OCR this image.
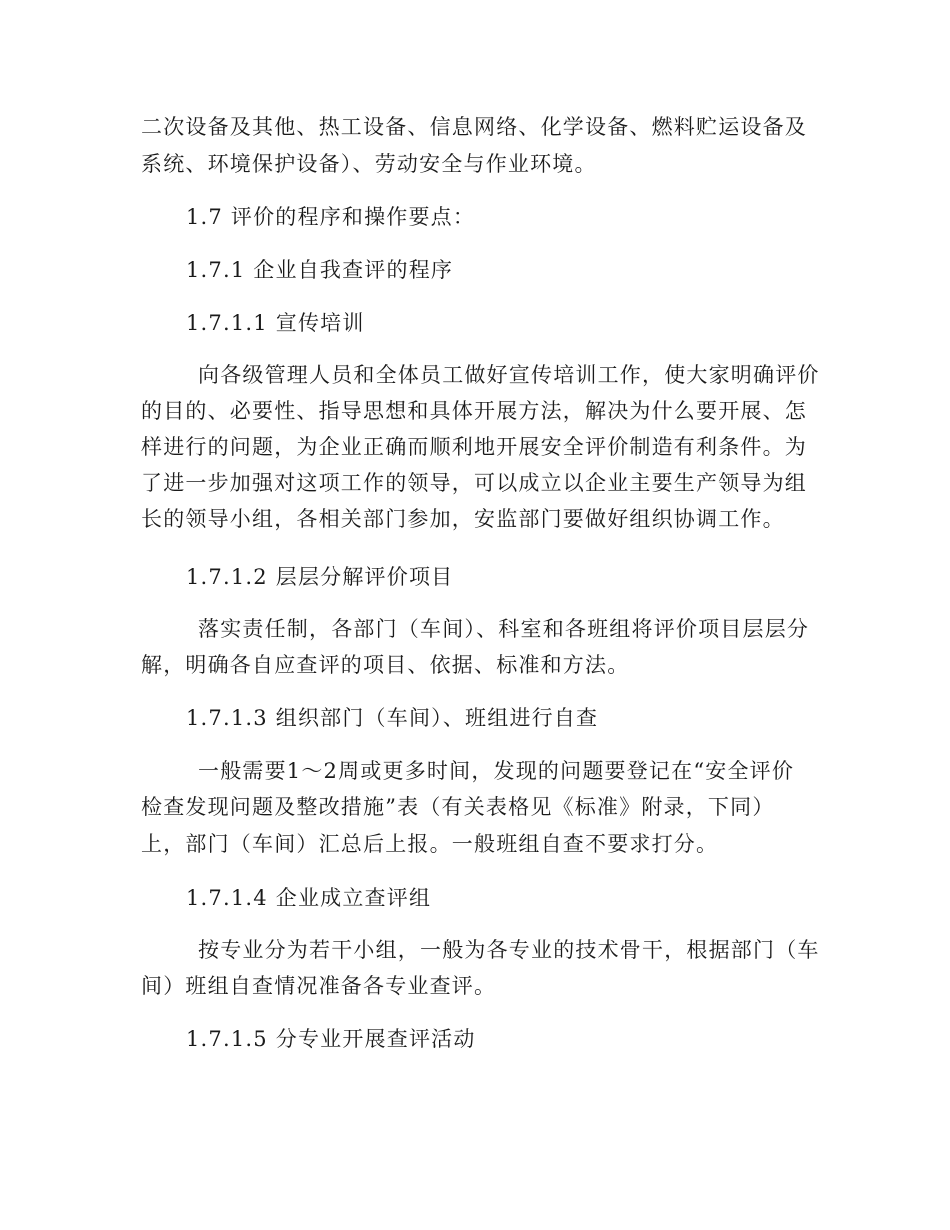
二次设备及其他、热工设备、信息网络、化学设备、燃料贮运设备及
系统、环境保护设备）、劳动安全与作业环境。
1.7 评价的程序和操作要点：
1.7.1 企业自我查评的程序
1.7.1.1 宣传培训
向各级管理人员和全体员工做好宣传培训工作，使大家明确评价
的目的、必要性、指导思想和具体开展方法，解决为什么要开展、怎
样进行的问题，为企业正确而顺利地开展安全评价制造有利条件。为
了进一步加强对这项工作的领导，可以成立以企业主要生产领导为组
长的领导小组，各相关部门参加，安监部门要做好组织协调工作。
1.7.1.2 层层分解评价项目
落实责任制，各部门（车间）、科室和各班组将评价项目层层分
解，明确各自应查评的项目、依据、标准和方法。
1.7.1.3 组织部门（车间）、班组进行自查
一般需要1～2周或更多时间，发现的问题要登记在“安全评价
检查发现问题及整改措施”表（有关表格见《标准》附录，下同）
上，部门（车间）汇总后上报。一般班组自查不要求打分。
1.7.1.4 企业成立查评组
按专业分为若干小组，一般为各专业的技术骨干，根据部门（车
间）班组自查情况准备各专业查评。
1.7.1.5 分专业开展查评活动
